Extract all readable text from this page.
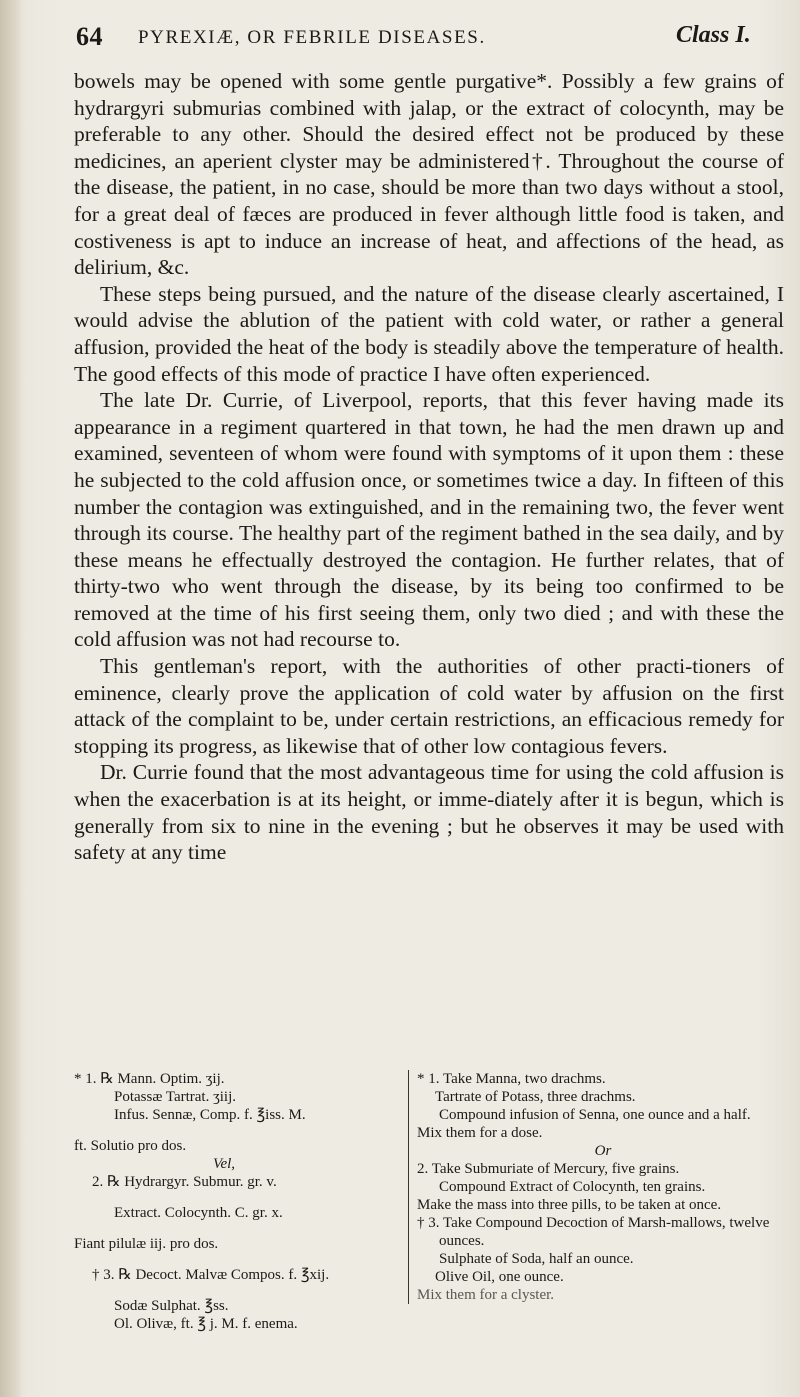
64 PYREXIÆ, OR FEBRILE DISEASES.	Class I.

bowels may be opened with some gentle purgative*. Possibly a few grains of hydrargyri submurias combined with jalap, or the extract of colocynth, may be preferable to any other. Should the desired effect not be produced by these medicines, an aperient clyster may be administered†. Throughout the course of the disease, the patient, in no case, should be more than two days without a stool, for a great deal of fæces are produced in fever although little food is taken, and costiveness is apt to induce an increase of heat, and affections of the head, as delirium, &c.

These steps being pursued, and the nature of the disease clearly ascertained, I would advise the ablution of the patient with cold water, or rather a general affusion, provided the heat of the body is steadily above the temperature of health. The good effects of this mode of practice I have often experienced.

The late Dr. Currie, of Liverpool, reports, that this fever having made its appearance in a regiment quartered in that town, he had the men drawn up and examined, seventeen of whom were found with symptoms of it upon them : these he subjected to the cold affusion once, or sometimes twice a day. In fifteen of this number the contagion was extinguished, and in the remaining two, the fever went through its course. The healthy part of the regiment bathed in the sea daily, and by these means he effectually destroyed the contagion. He further relates, that of thirty-two who went through the disease, by its being too confirmed to be removed at the time of his first seeing them, only two died ; and with these the cold affusion was not had recourse to.

This gentleman's report, with the authorities of other practi-tioners of eminence, clearly prove the application of cold water by affusion on the first attack of the complaint to be, under certain restrictions, an efficacious remedy for stopping its progress, as likewise that of other low contagious fevers.

Dr. Currie found that the most advantageous time for using the cold affusion is when the exacerbation is at its height, or imme-diately after it is begun, which is generally from six to nine in the evening ; but he observes it may be used with safety at any time

* 1. ℞ Mann. Optim. ʒij.
Potassæ Tartrat. ʒiij.
Infus. Sennæ, Comp. f. ℥iss. M.
ft. Solutio pro dos.
Vel,
2. ℞ Hydrargyr. Submur. gr. v.
Extract. Colocynth. C. gr. x.
Fiant pilulæ iij. pro dos.
† 3. ℞ Decoct. Malvæ Compos. f. ℥xij.
Sodæ Sulphat. ℥ss.
Ol. Olivæ, ft. ℥ j. M. f. enema.
* 1. Take Manna, two drachms.
Tartrate of Potass, three drachms.
Compound infusion of Senna, one ounce and a half.
Mix them for a dose.
Or
2. Take Submuriate of Mercury, five grains.
Compound Extract of Colocynth, ten grains.
Make the mass into three pills, to be taken at once.
† 3. Take Compound Decoction of Marsh-mallows, twelve ounces.
Sulphate of Soda, half an ounce.
Olive Oil, one ounce.
Mix them for a clyster.
